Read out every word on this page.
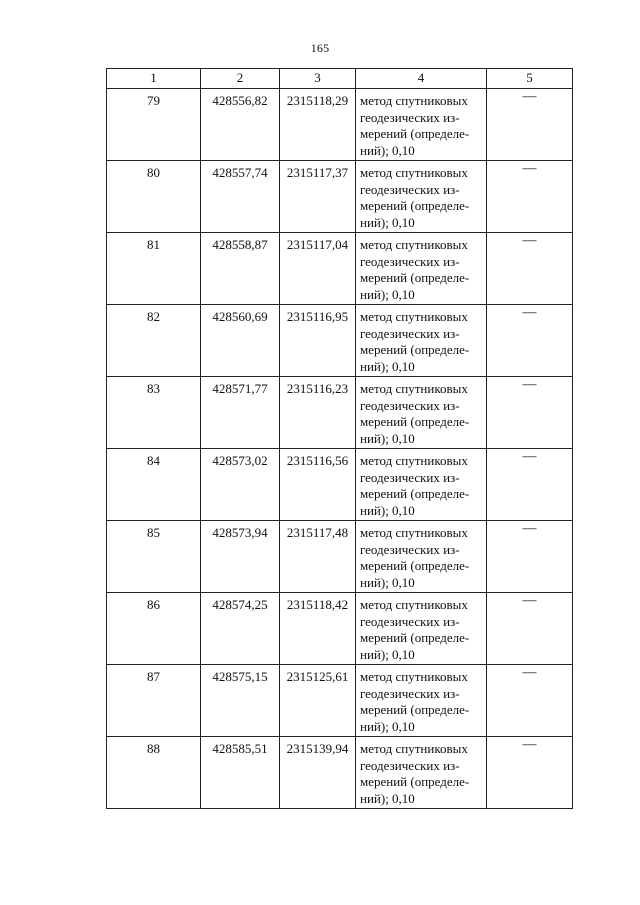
165
1	2	3	4	5
79	428556,82	2315118,29	метод спутниковых
геодезических из-
мерений (определе-
ний); 0,10	—
80	428557,74	2315117,37	метод спутниковых
геодезических из-
мерений (определе-
ний); 0,10	—
81	428558,87	2315117,04	метод спутниковых
геодезических из-
мерений (определе-
ний); 0,10	—
82	428560,69	2315116,95	метод спутниковых
геодезических из-
мерений (определе-
ний); 0,10	—
83	428571,77	2315116,23	метод спутниковых
геодезических из-
мерений (определе-
ний); 0,10	—
84	428573,02	2315116,56	метод спутниковых
геодезических из-
мерений (определе-
ний); 0,10	—
85	428573,94	2315117,48	метод спутниковых
геодезических из-
мерений (определе-
ний); 0,10	—
86	428574,25	2315118,42	метод спутниковых
геодезических из-
мерений (определе-
ний); 0,10	—
87	428575,15	2315125,61	метод спутниковых
геодезических из-
мерений (определе-
ний); 0,10	—
88	428585,51	2315139,94	метод спутниковых
геодезических из-
мерений (определе-
ний); 0,10	—
